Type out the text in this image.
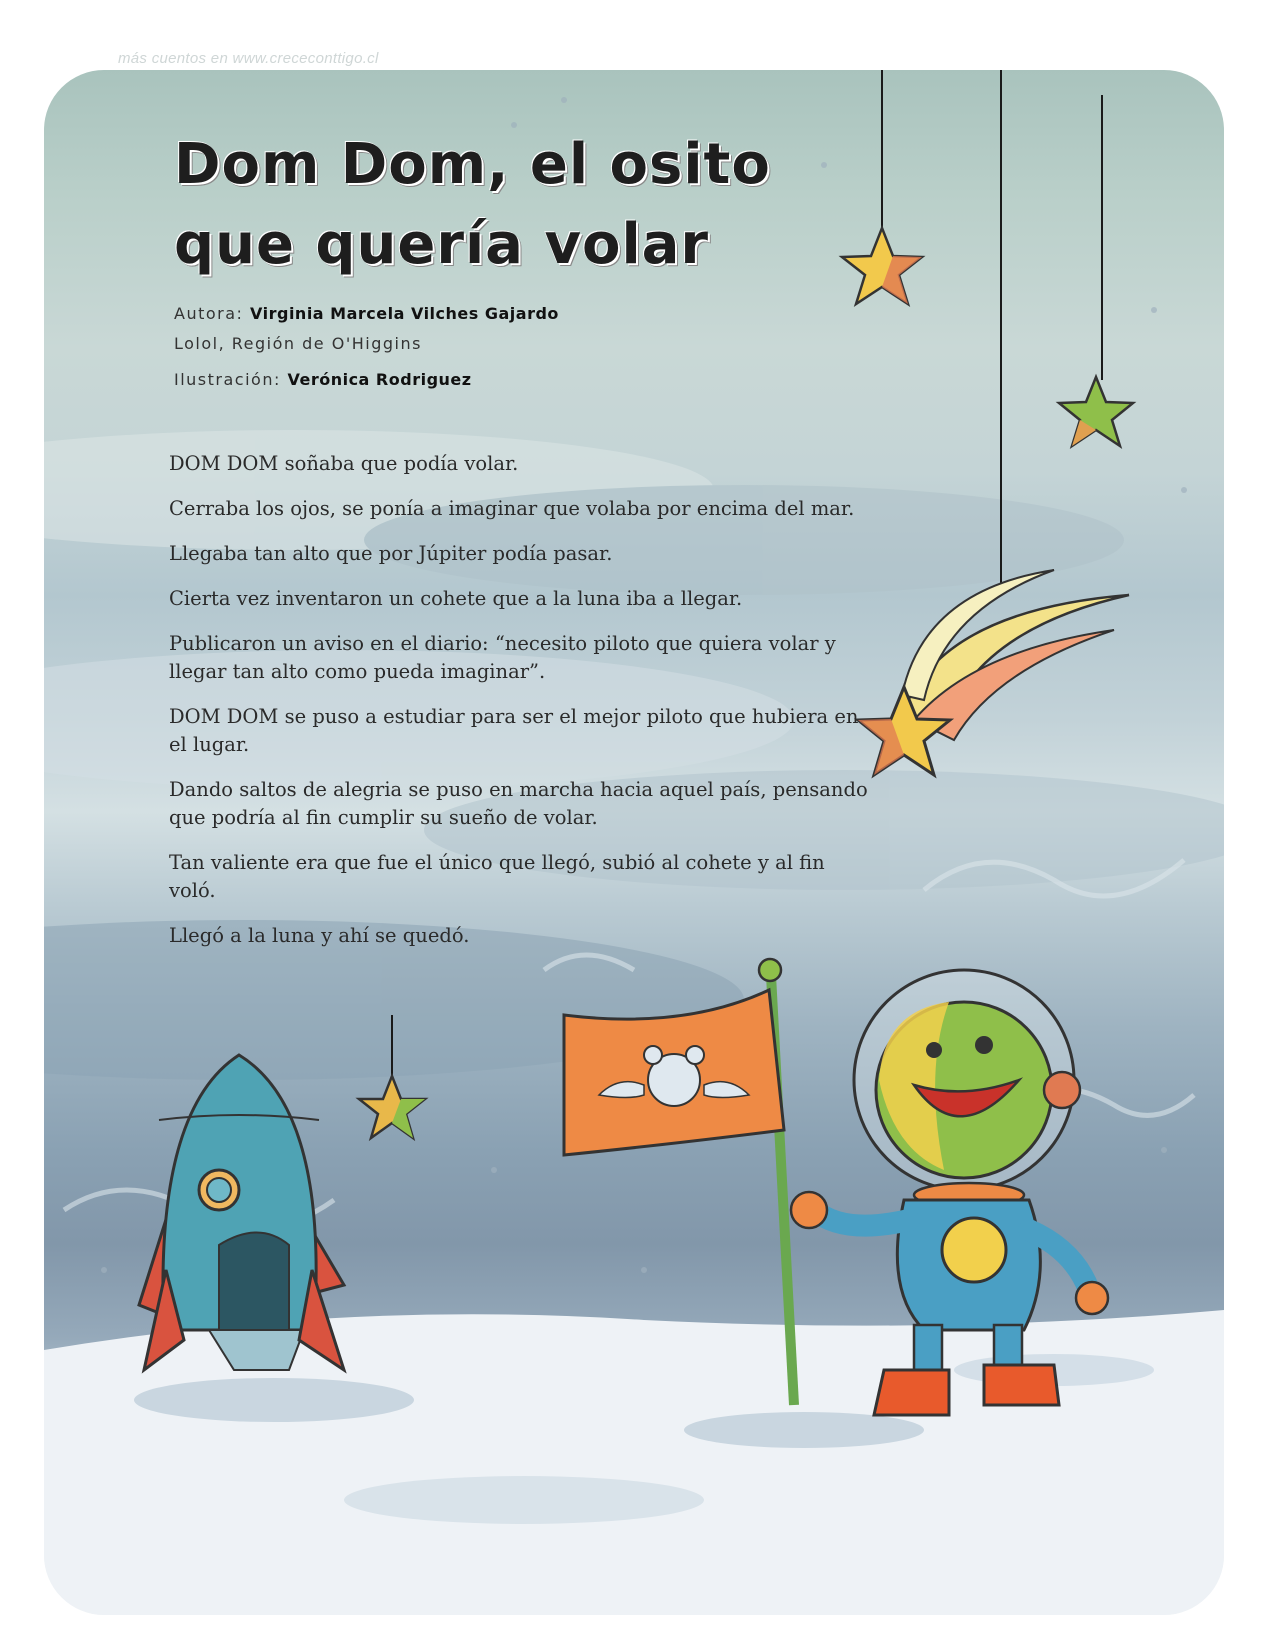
más cuentos en www.crececonttigo.cl
Dom Dom, el osito
que quería volar
Autora: Virginia Marcela Vilches Gajardo
Lolol, Región de O'Higgins
Ilustración: Verónica Rodriguez

DOM DOM soñaba que podía volar.

Cerraba los ojos, se ponía a imaginar que volaba por encima del mar.

Llegaba tan alto que por Júpiter podía pasar.

Cierta vez inventaron un cohete que a la luna iba a llegar.

Publicaron un aviso en el diario: “necesito piloto que quiera volar y llegar tan alto como pueda imaginar”.

DOM DOM se puso a estudiar para ser el mejor piloto que hubiera en el lugar.

Dando saltos de alegria se puso en marcha hacia aquel país, pensando que podría al fin cumplir su sueño de volar.

Tan valiente era que fue el único que llegó, subió al cohete y al fin voló.

Llegó a la luna y ahí se quedó.
